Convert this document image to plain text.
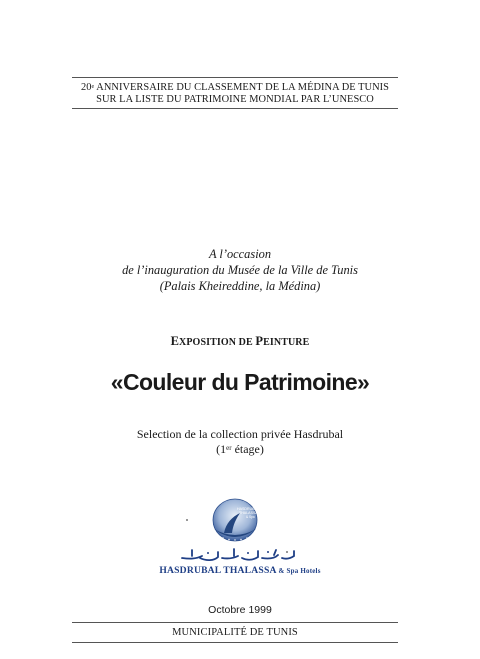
20e ANNIVERSAIRE DU CLASSEMENT DE LA MÉDINA DE TUNIS
SUR LA LISTE DU PATRIMOINE MONDIAL PAR L’UNESCO
A l’occasion
de l’inauguration du Musée de la Ville de Tunis
(Palais Kheireddine, la Médina)
EXPOSITION DE PEINTURE
«Couleur du Patrimoine»
Selection de la collection privée Hasdrubal
(1er étage)
HASDRUBAL
THALASSA
& Spa
HASDRUBAL THALASSA & Spa Hotels
Octobre 1999
MUNICIPALITÉ DE TUNIS
